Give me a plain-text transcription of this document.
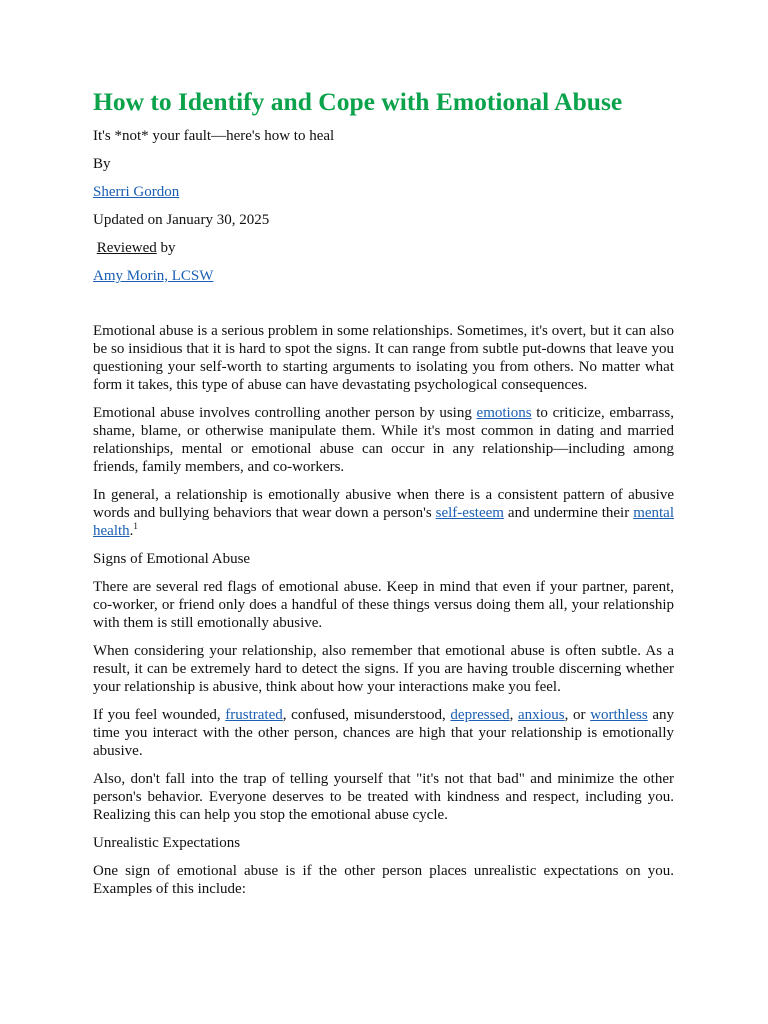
How to Identify and Cope with Emotional Abuse

It's *not* your fault—here's how to heal

By

Sherri Gordon

Updated on January 30, 2025

Reviewed by

Amy Morin, LCSW

Emotional abuse is a serious problem in some relationships. Sometimes, it's overt, but it can also be so insidious that it is hard to spot the signs. It can range from subtle put-downs that leave you questioning your self-worth to starting arguments to isolating you from others. No matter what form it takes, this type of abuse can have devastating psychological consequences.

Emotional abuse involves controlling another person by using emotions to criticize, embarrass, shame, blame, or otherwise manipulate them. While it's most common in dating and married relationships, mental or emotional abuse can occur in any relationship—including among friends, family members, and co-workers.

In general, a relationship is emotionally abusive when there is a consistent pattern of abusive words and bullying behaviors that wear down a person's self-esteem and undermine their mental health.$^1$

Signs of Emotional Abuse

There are several red flags of emotional abuse. Keep in mind that even if your partner, parent, co-worker, or friend only does a handful of these things versus doing them all, your relationship with them is still emotionally abusive.

When considering your relationship, also remember that emotional abuse is often subtle. As a result, it can be extremely hard to detect the signs. If you are having trouble discerning whether your relationship is abusive, think about how your interactions make you feel.

If you feel wounded, frustrated, confused, misunderstood, depressed, anxious, or worthless any time you interact with the other person, chances are high that your relationship is emotionally abusive.

Also, don't fall into the trap of telling yourself that "it's not that bad" and minimize the other person's behavior. Everyone deserves to be treated with kindness and respect, including you. Realizing this can help you stop the emotional abuse cycle.

Unrealistic Expectations

One sign of emotional abuse is if the other person places unrealistic expectations on you. Examples of this include:
